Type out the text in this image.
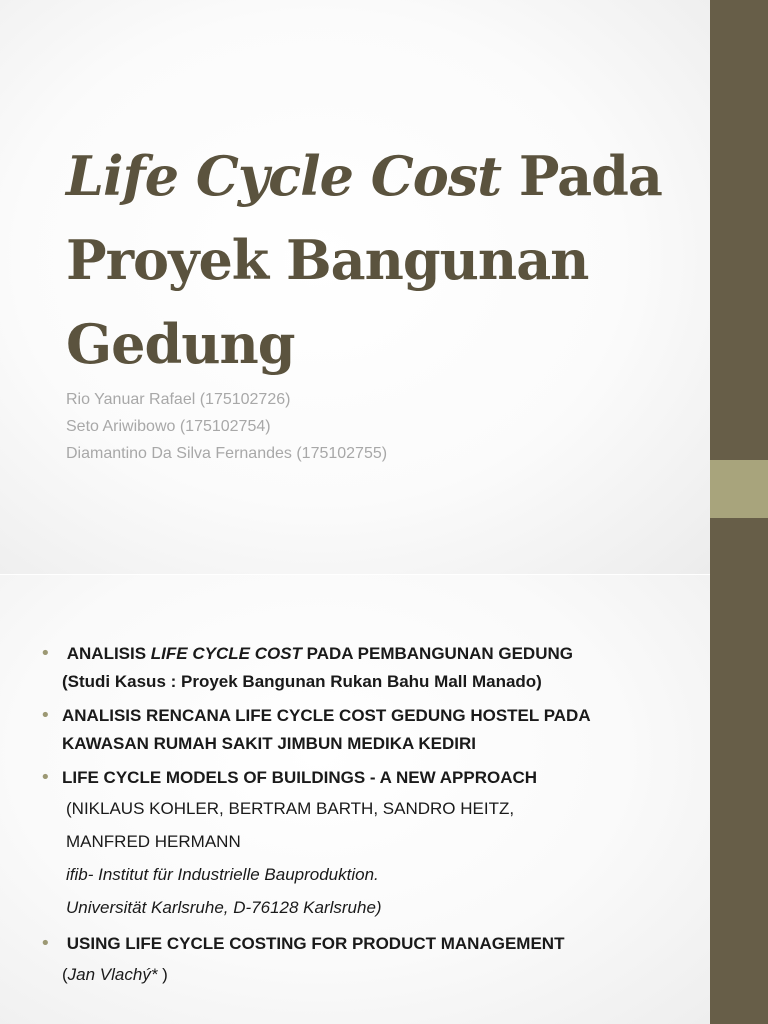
Life Cycle Cost Pada Proyek Bangunan Gedung
Rio Yanuar Rafael (175102726)
Seto Ariwibowo (175102754)
Diamantino Da Silva Fernandes (175102755)
• ANALISIS LIFE CYCLE COST PADA PEMBANGUNAN GEDUNG
(Studi Kasus : Proyek Bangunan Rukan Bahu Mall Manado)
• ANALISIS RENCANA LIFE CYCLE COST GEDUNG HOSTEL PADA
KAWASAN RUMAH SAKIT JIMBUN MEDIKA KEDIRI
• LIFE CYCLE MODELS OF BUILDINGS - A NEW APPROACH
(NIKLAUS KOHLER, BERTRAM BARTH, SANDRO HEITZ,
MANFRED HERMANN
ifib- Institut für Industrielle Bauproduktion.
Universität Karlsruhe, D-76128 Karlsruhe)
• USING LIFE CYCLE COSTING FOR PRODUCT MANAGEMENT
(Jan Vlachý* )
